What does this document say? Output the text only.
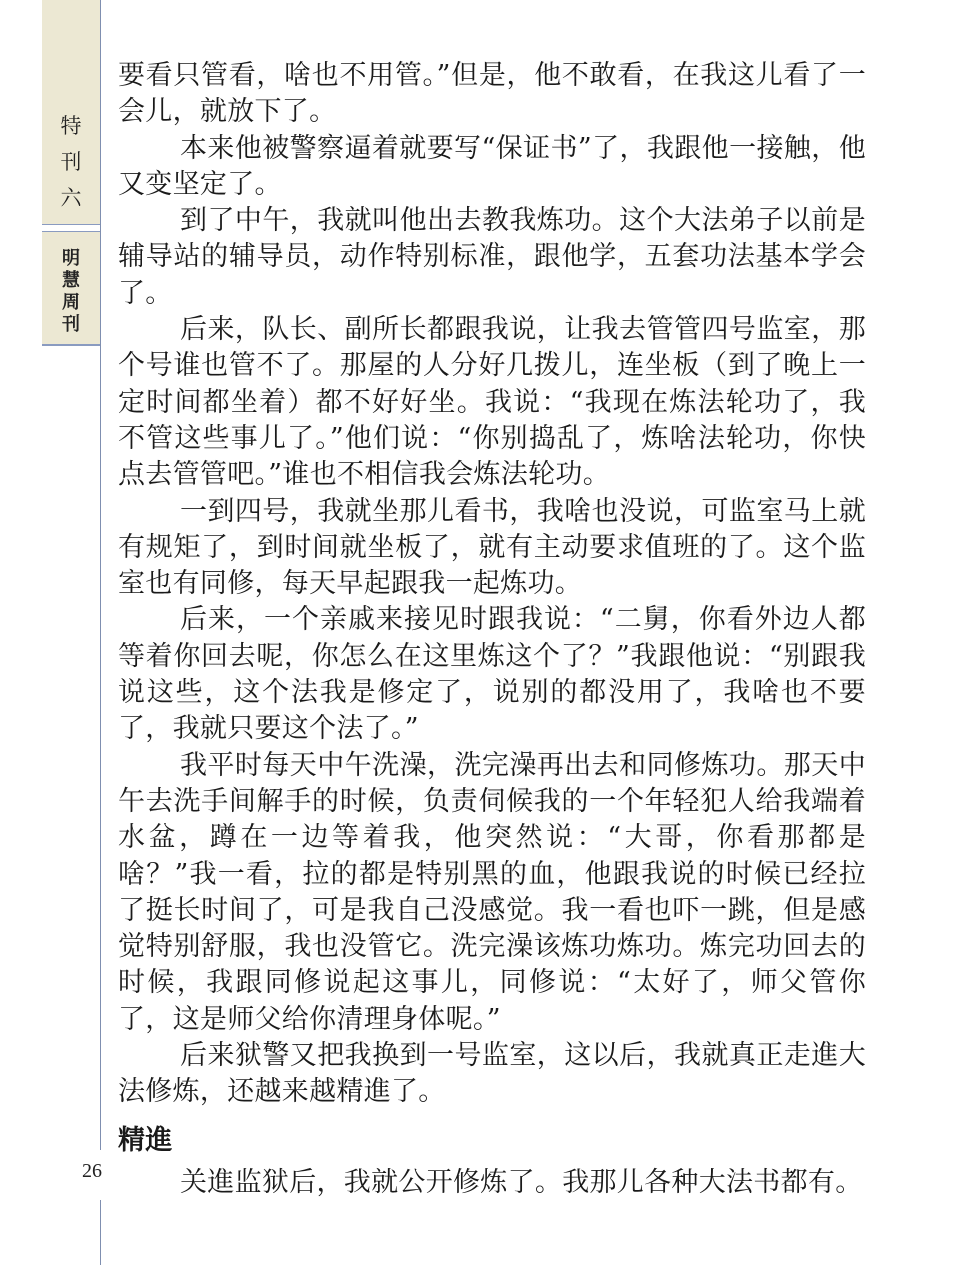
特
刊
六
明
慧
周
刊
26

要看只管看，啥也不用管。”但是，他不敢看，在我这儿看了一会儿，就放下了。

本来他被警察逼着就要写“保证书”了，我跟他一接触，他又变坚定了。

到了中午，我就叫他出去教我炼功。这个大法弟子以前是辅导站的辅导员，动作特别标准，跟他学，五套功法基本学会了。

后来，队长、副所长都跟我说，让我去管管四号监室，那个号谁也管不了。那屋的人分好几拨儿，连坐板（到了晚上一定时间都坐着）都不好好坐。我说：“我现在炼法轮功了，我不管这些事儿了。”他们说：“你别捣乱了，炼啥法轮功，你快点去管管吧。”谁也不相信我会炼法轮功。

一到四号，我就坐那儿看书，我啥也没说，可监室马上就有规矩了，到时间就坐板了，就有主动要求值班的了。这个监室也有同修，每天早起跟我一起炼功。

后来，一个亲戚来接见时跟我说：“二舅，你看外边人都等着你回去呢，你怎么在这里炼这个了？”我跟他说：“别跟我说这些，这个法我是修定了，说别的都没用了，我啥也不要了，我就只要这个法了。”

我平时每天中午洗澡，洗完澡再出去和同修炼功。那天中午去洗手间解手的时候，负责伺候我的一个年轻犯人给我端着水盆，蹲在一边等着我，他突然说：“大哥，你看那都是啥？”我一看，拉的都是特别黑的血，他跟我说的时候已经拉了挺长时间了，可是我自己没感觉。我一看也吓一跳，但是感觉特别舒服，我也没管它。洗完澡该炼功炼功。炼完功回去的时候，我跟同修说起这事儿，同修说：“太好了，师父管你了，这是师父给你清理身体呢。”

后来狱警又把我换到一号监室，这以后，我就真正走進大法修炼，还越来越精進了。

精進

关進监狱后，我就公开修炼了。我那儿各种大法书都有。
